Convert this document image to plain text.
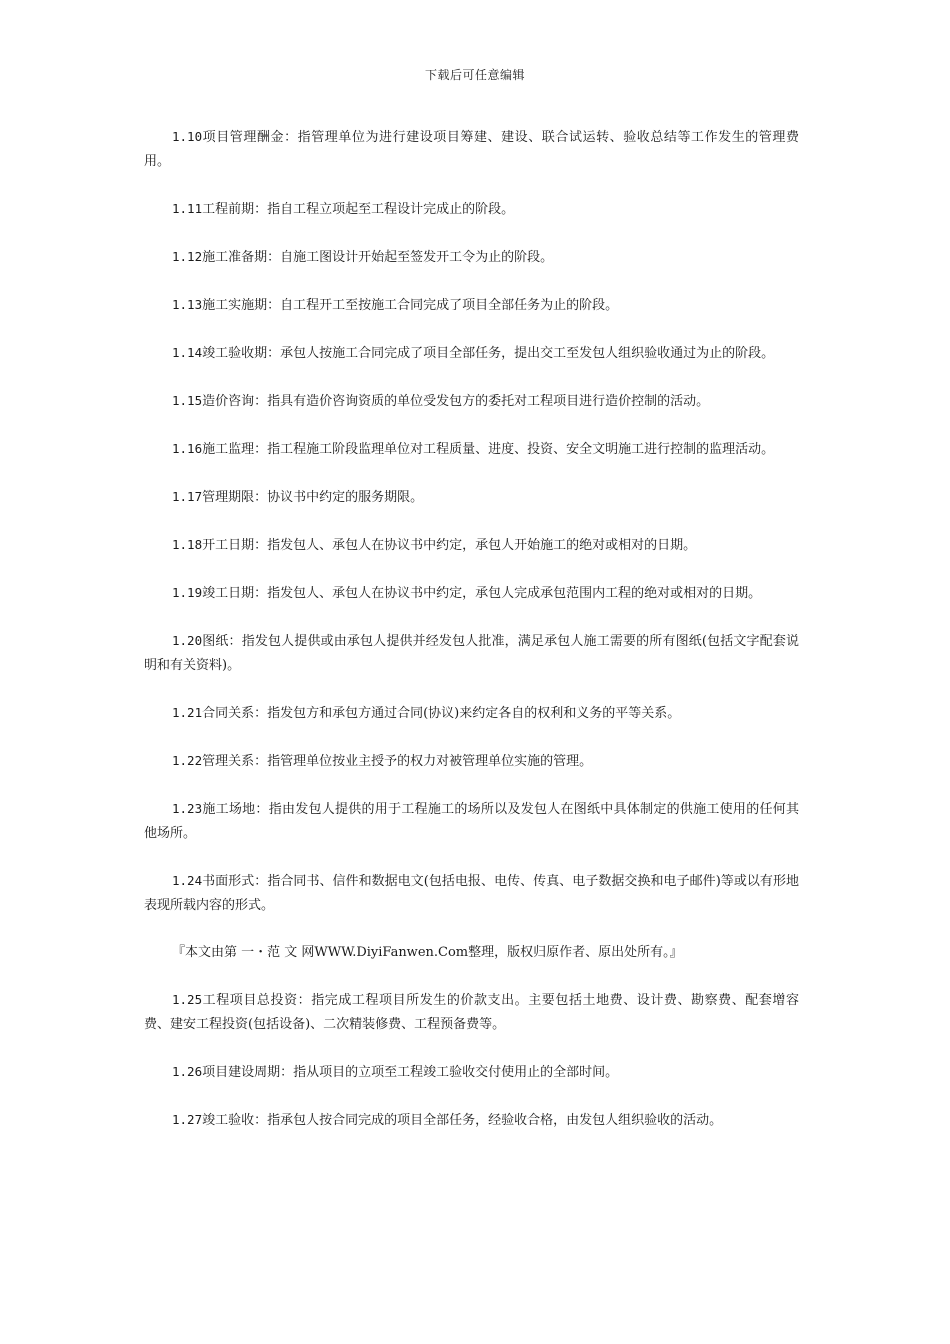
下载后可任意编辑

1.10项目管理酬金：指管理单位为进行建设项目筹建、建设、联合试运转、验收总结等工作发生的管理费用。

1.11工程前期：指自工程立项起至工程设计完成止的阶段。

1.12施工准备期：自施工图设计开始起至签发开工令为止的阶段。

1.13施工实施期：自工程开工至按施工合同完成了项目全部任务为止的阶段。

1.14竣工验收期：承包人按施工合同完成了项目全部任务，提出交工至发包人组织验收通过为止的阶段。

1.15造价咨询：指具有造价咨询资质的单位受发包方的委托对工程项目进行造价控制的活动。

1.16施工监理：指工程施工阶段监理单位对工程质量、进度、投资、安全文明施工进行控制的监理活动。

1.17管理期限：协议书中约定的服务期限。

1.18开工日期：指发包人、承包人在协议书中约定，承包人开始施工的绝对或相对的日期。

1.19竣工日期：指发包人、承包人在协议书中约定，承包人完成承包范围内工程的绝对或相对的日期。

1.20图纸：指发包人提供或由承包人提供并经发包人批准，满足承包人施工需要的所有图纸(包括文字配套说明和有关资料)。

1.21合同关系：指发包方和承包方通过合同(协议)来约定各自的权利和义务的平等关系。

1.22管理关系：指管理单位按业主授予的权力对被管理单位实施的管理。

1.23施工场地：指由发包人提供的用于工程施工的场所以及发包人在图纸中具体制定的供施工使用的任何其他场所。

1.24书面形式：指合同书、信件和数据电文(包括电报、电传、传真、电子数据交换和电子邮件)等或以有形地表现所载内容的形式。

『本文由第 一・范 文 网WWW.DiyiFanwen.Com整理，版权归原作者、原出处所有。』

1.25工程项目总投资：指完成工程项目所发生的价款支出。主要包括土地费、设计费、勘察费、配套增容费、建安工程投资(包括设备)、二次精装修费、工程预备费等。

1.26项目建设周期：指从项目的立项至工程竣工验收交付使用止的全部时间。

1.27竣工验收：指承包人按合同完成的项目全部任务，经验收合格，由发包人组织验收的活动。
